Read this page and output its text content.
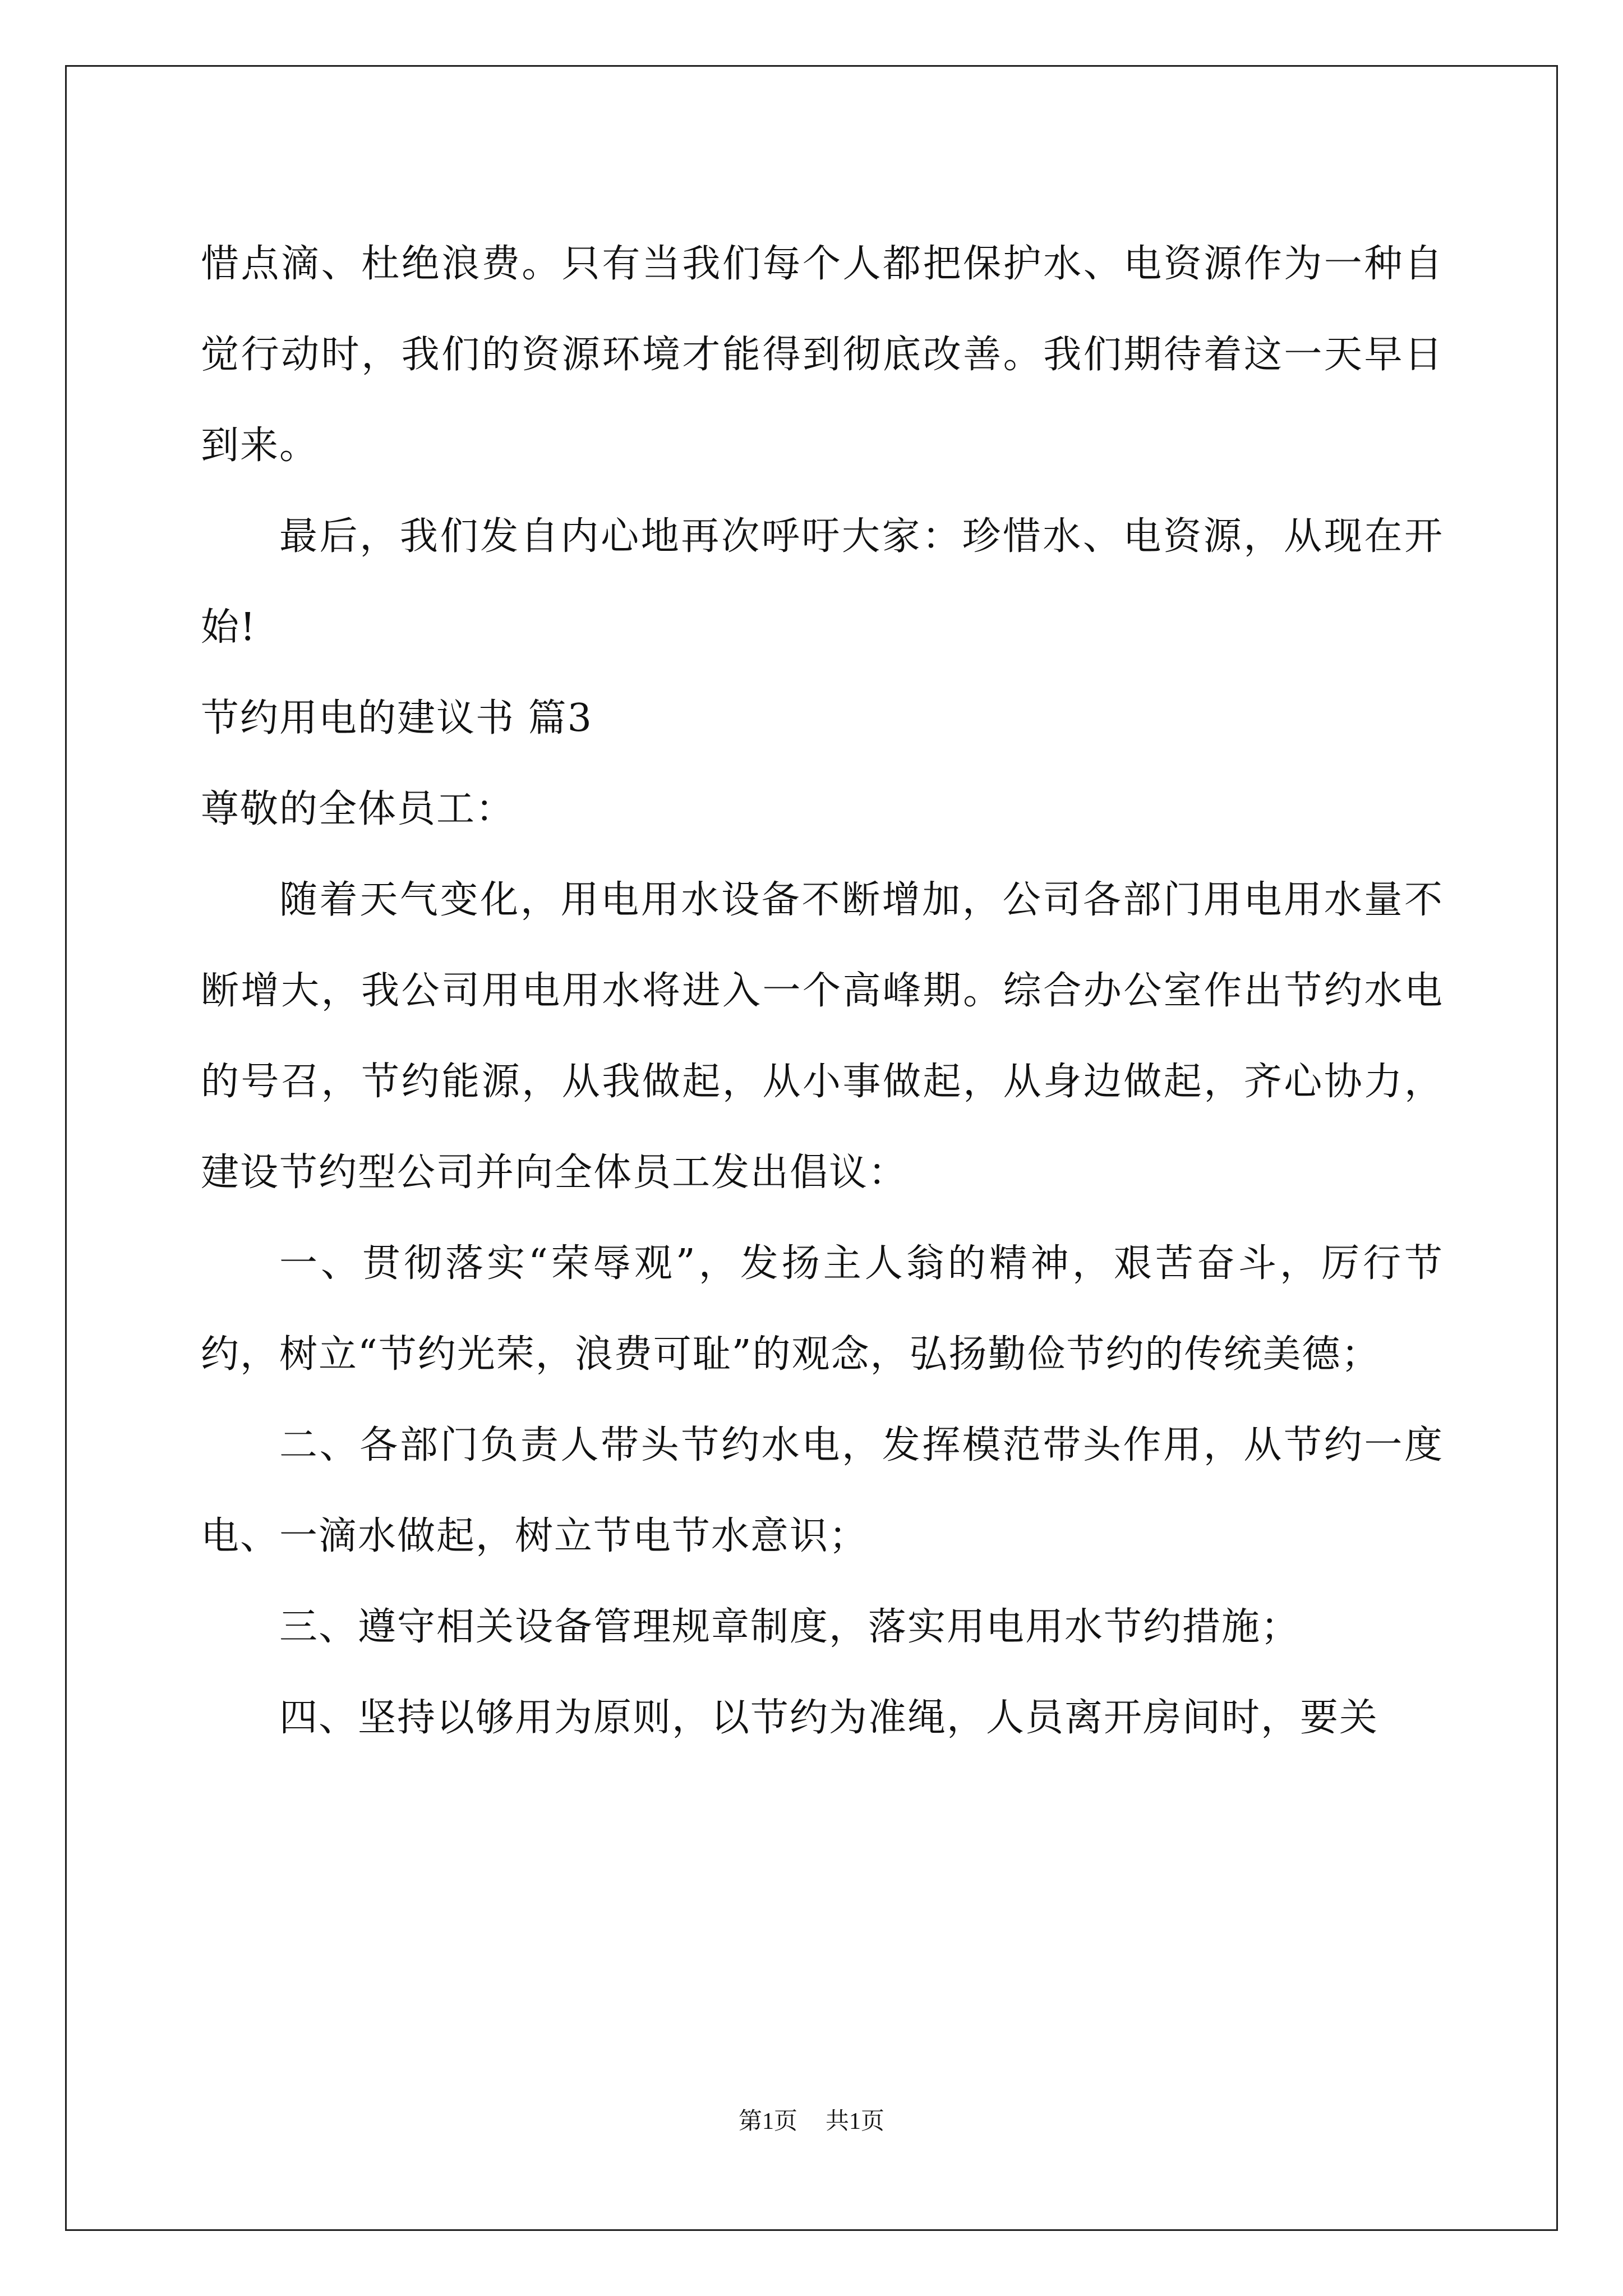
惜点滴、杜绝浪费。只有当我们每个人都把保护水、电资源作为一种自觉行动时，我们的资源环境才能得到彻底改善。我们期待着这一天早日到来。

最后，我们发自内心地再次呼吁大家：珍惜水、电资源，从现在开始!

节约用电的建议书 篇3

尊敬的全体员工：

随着天气变化，用电用水设备不断增加，公司各部门用电用水量不断增大，我公司用电用水将进入一个高峰期。综合办公室作出节约水电的号召，节约能源，从我做起，从小事做起，从身边做起，齐心协力，建设节约型公司并向全体员工发出倡议：

一、贯彻落实“荣辱观”，发扬主人翁的精神，艰苦奋斗，厉行节约，树立“节约光荣，浪费可耻”的观念，弘扬勤俭节约的传统美德；

二、各部门负责人带头节约水电，发挥模范带头作用，从节约一度电、一滴水做起，树立节电节水意识；

三、遵守相关设备管理规章制度，落实用电用水节约措施；

四、坚持以够用为原则，以节约为准绳，人员离开房间时，要关

第1页 共1页
